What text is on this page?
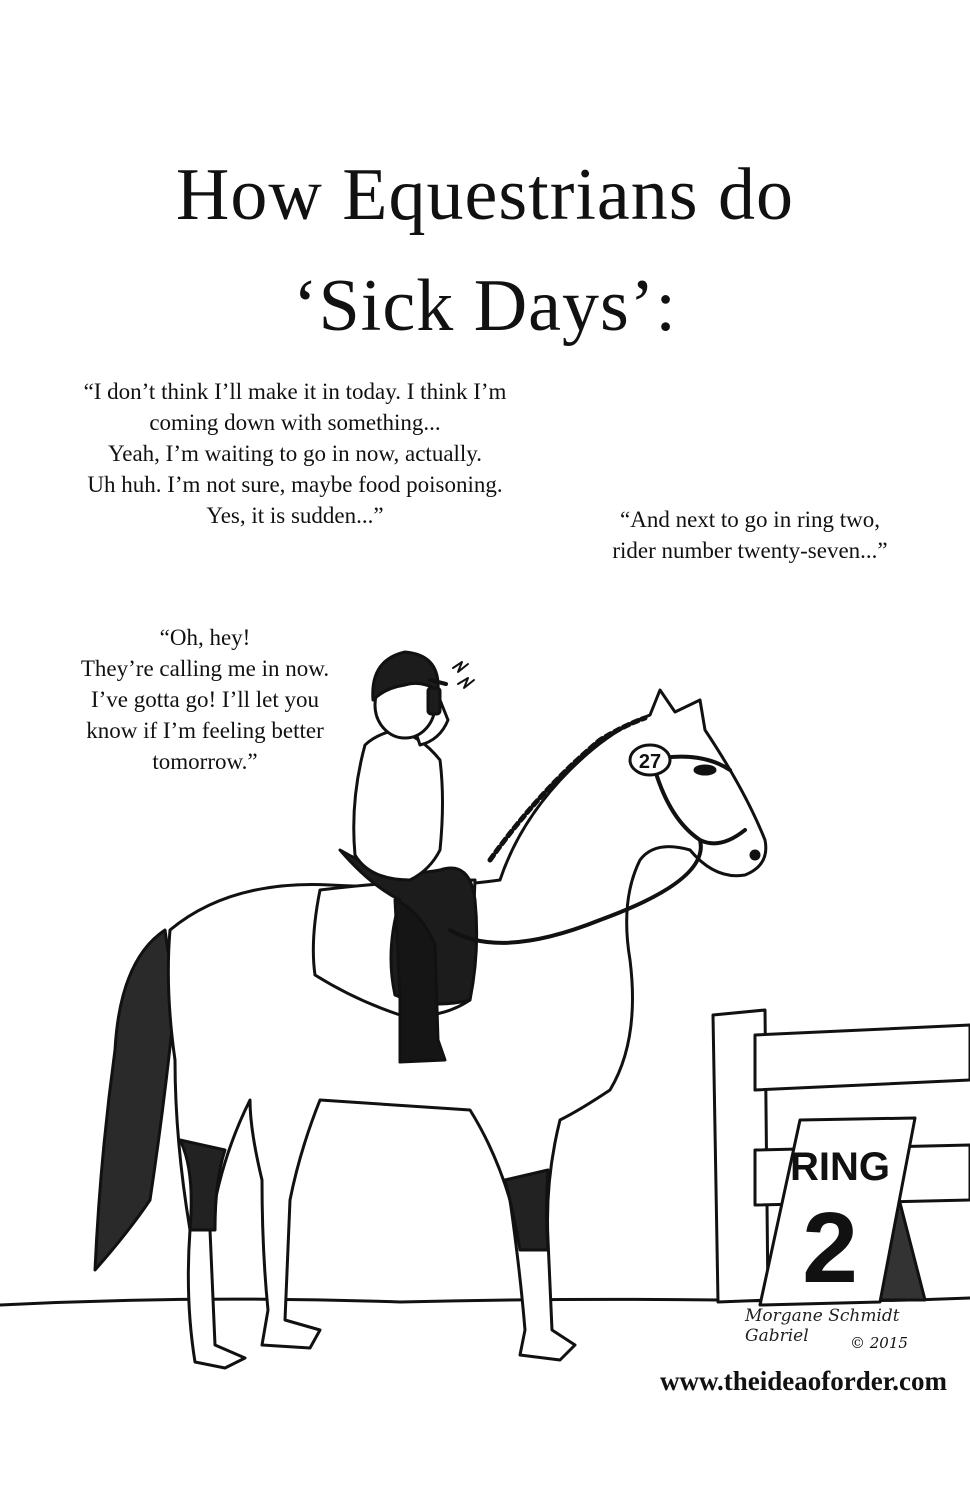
How Equestrians do
‘Sick Days’:
“I don’t think I’ll make it in today. I think I’m
coming down with something...
Yeah, I’m waiting to go in now, actually.
Uh huh. I’m not sure, maybe food poisoning.
Yes, it is sudden...”	“And next to go in ring two,
rider number twenty-seven...”
“Oh, hey!
They’re calling me in now.
I’ve gotta go! I’ll let you
know if I’m feeling better
tomorrow.”	27
RING
2
Morgane Schmidt Gabriel	© 2015
www.theideaoforder.com
